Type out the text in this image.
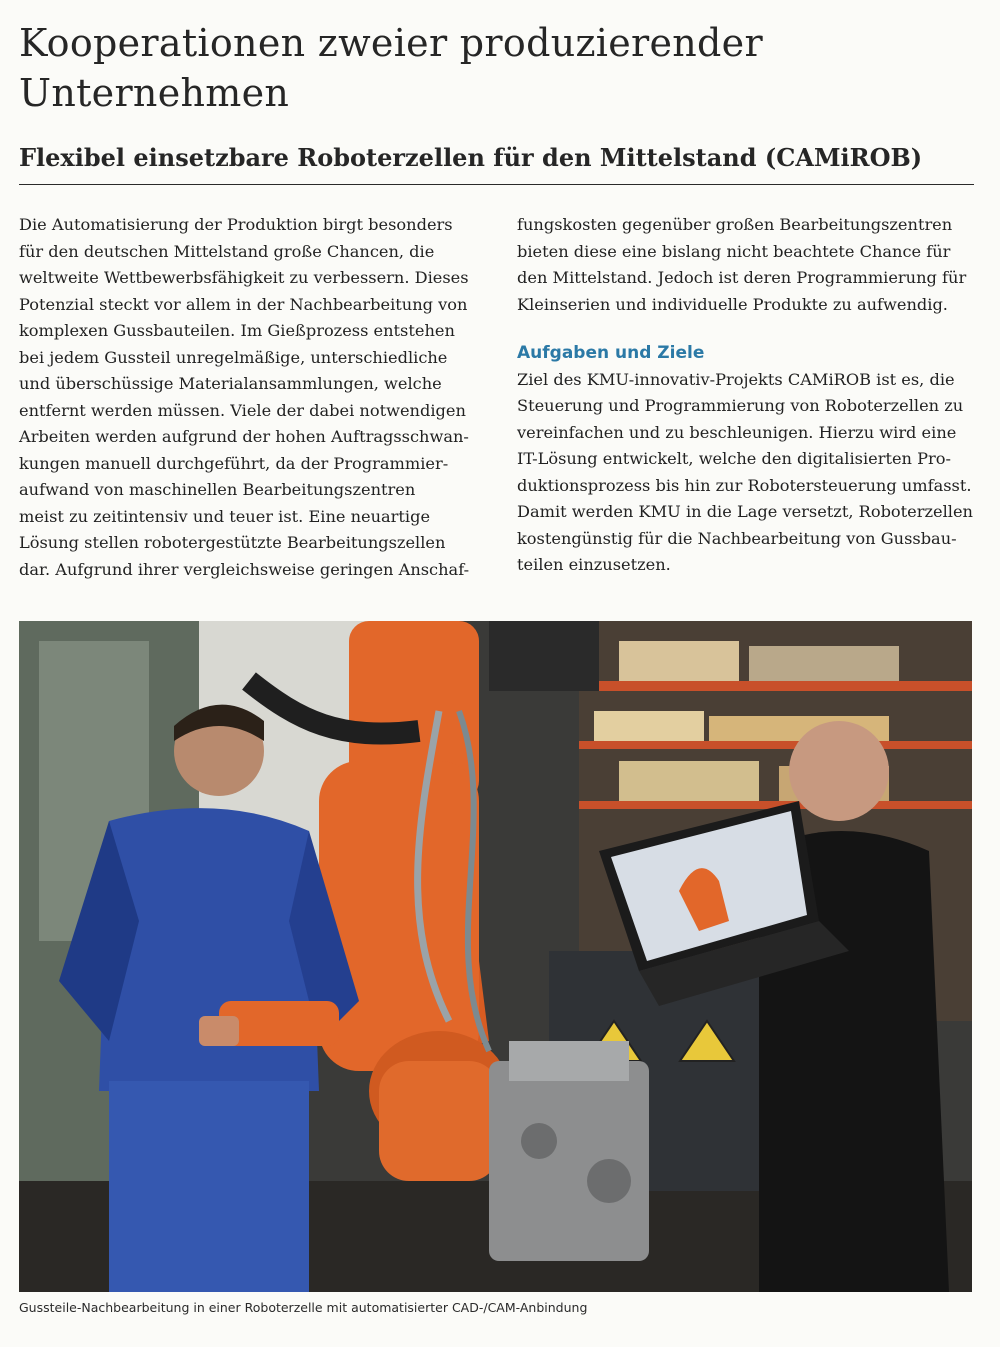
Kooperationen zweier produzierender
Unternehmen
Flexibel einsetzbare Roboterzellen für den Mittelstand (CAMiROB)

Die Automatisierung der Produktion birgt besonders
für den deutschen Mittelstand große Chancen, die
weltweite Wettbewerbsfähigkeit zu verbessern. Dieses
Potenzial steckt vor allem in der Nachbearbeitung von
komplexen Gussbauteilen. Im Gießprozess entstehen
bei jedem Gussteil unregelmäßige, unterschiedliche
und überschüssige Materialansammlungen, welche
entfernt werden müssen. Viele der dabei notwendigen
Arbeiten werden aufgrund der hohen Auftragsschwan-
kungen manuell durchgeführt, da der Programmier-
aufwand von maschinellen Bearbeitungszentren
meist zu zeitintensiv und teuer ist. Eine neuartige
Lösung stellen robotergestützte Bearbeitungszellen
dar. Aufgrund ihrer vergleichsweise geringen Anschaf-

fungskosten gegenüber großen Bearbeitungszentren
bieten diese eine bislang nicht beachtete Chance für
den Mittelstand. Jedoch ist deren Programmierung für
Kleinserien und individuelle Produkte zu aufwendig.

Aufgaben und Ziele

Ziel des KMU-innovativ-Projekts CAMiROB ist es, die
Steuerung und Programmierung von Roboterzellen zu
vereinfachen und zu beschleunigen. Hierzu wird eine
IT-Lösung entwickelt, welche den digitalisierten Pro-
duktionsprozess bis hin zur Robotersteuerung umfasst.
Damit werden KMU in die Lage versetzt, Roboterzellen
kostengünstig für die Nachbearbeitung von Gussbau-
teilen einzusetzen.

Gussteile-Nachbearbeitung in einer Roboterzelle mit automatisierter CAD-/CAM-Anbindung
